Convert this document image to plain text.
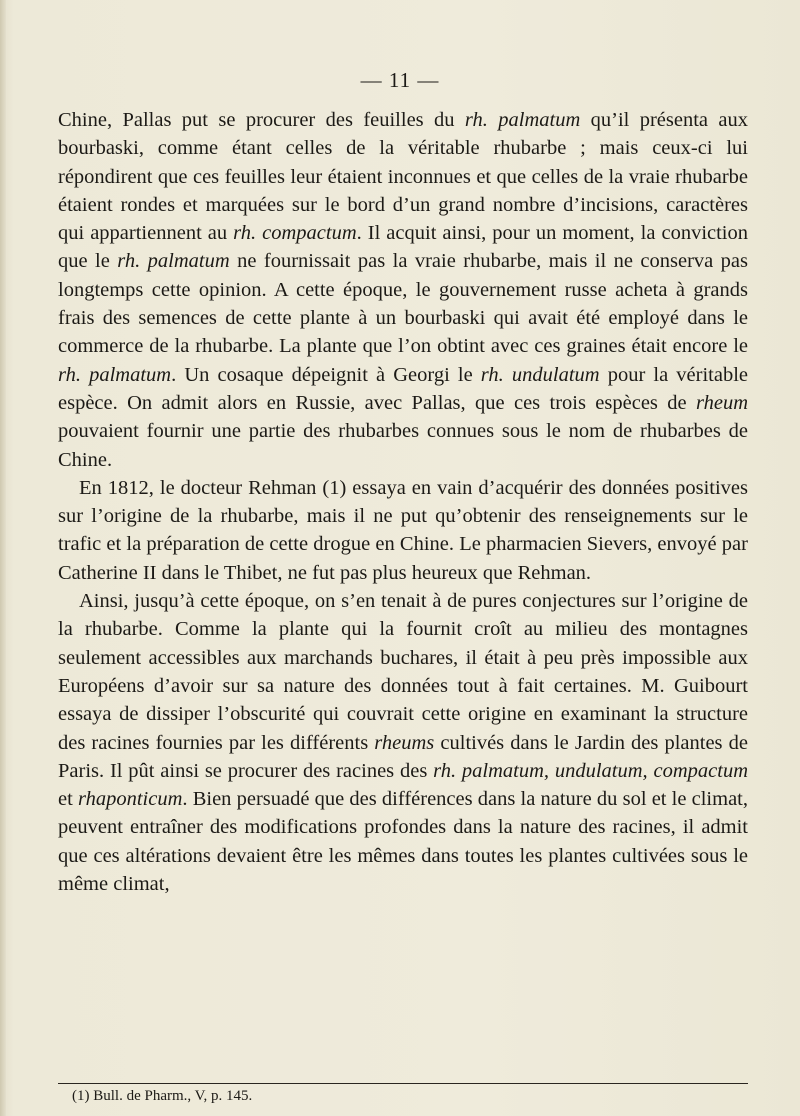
— 11 —

Chine, Pallas put se procurer des feuilles du rh. palmatum qu’il présenta aux bourbaski, comme étant celles de la véritable rhubarbe ; mais ceux-ci lui répondirent que ces feuilles leur étaient inconnues et que celles de la vraie rhubarbe étaient rondes et marquées sur le bord d’un grand nombre d’incisions, caractères qui appartiennent au rh. compactum. Il acquit ainsi, pour un moment, la conviction que le rh. palmatum ne fournissait pas la vraie rhubarbe, mais il ne conserva pas longtemps cette opinion. A cette époque, le gouvernement russe acheta à grands frais des semences de cette plante à un bourbaski qui avait été employé dans le commerce de la rhubarbe. La plante que l’on obtint avec ces graines était encore le rh. palmatum. Un cosaque dépeignit à Georgi le rh. undulatum pour la véritable espèce. On admit alors en Russie, avec Pallas, que ces trois espèces de rheum pouvaient fournir une partie des rhubarbes connues sous le nom de rhubarbes de Chine.

En 1812, le docteur Rehman (1) essaya en vain d’acquérir des données positives sur l’origine de la rhubarbe, mais il ne put qu’obtenir des renseignements sur le trafic et la préparation de cette drogue en Chine. Le pharmacien Sievers, envoyé par Catherine II dans le Thibet, ne fut pas plus heureux que Rehman.

Ainsi, jusqu’à cette époque, on s’en tenait à de pures conjectures sur l’origine de la rhubarbe. Comme la plante qui la fournit croît au milieu des montagnes seulement accessibles aux marchands buchares, il était à peu près impossible aux Européens d’avoir sur sa nature des données tout à fait certaines. M. Guibourt essaya de dissiper l’obscurité qui couvrait cette origine en examinant la structure des racines fournies par les différents rheums cultivés dans le Jardin des plantes de Paris. Il pût ainsi se procurer des racines des rh. palmatum, undulatum, compactum et rhaponticum. Bien persuadé que des différences dans la nature du sol et le climat, peuvent entraîner des modifications profondes dans la nature des racines, il admit que ces altérations devaient être les mêmes dans toutes les plantes cultivées sous le même climat,

(1) Bull. de Pharm., V, p. 145.
